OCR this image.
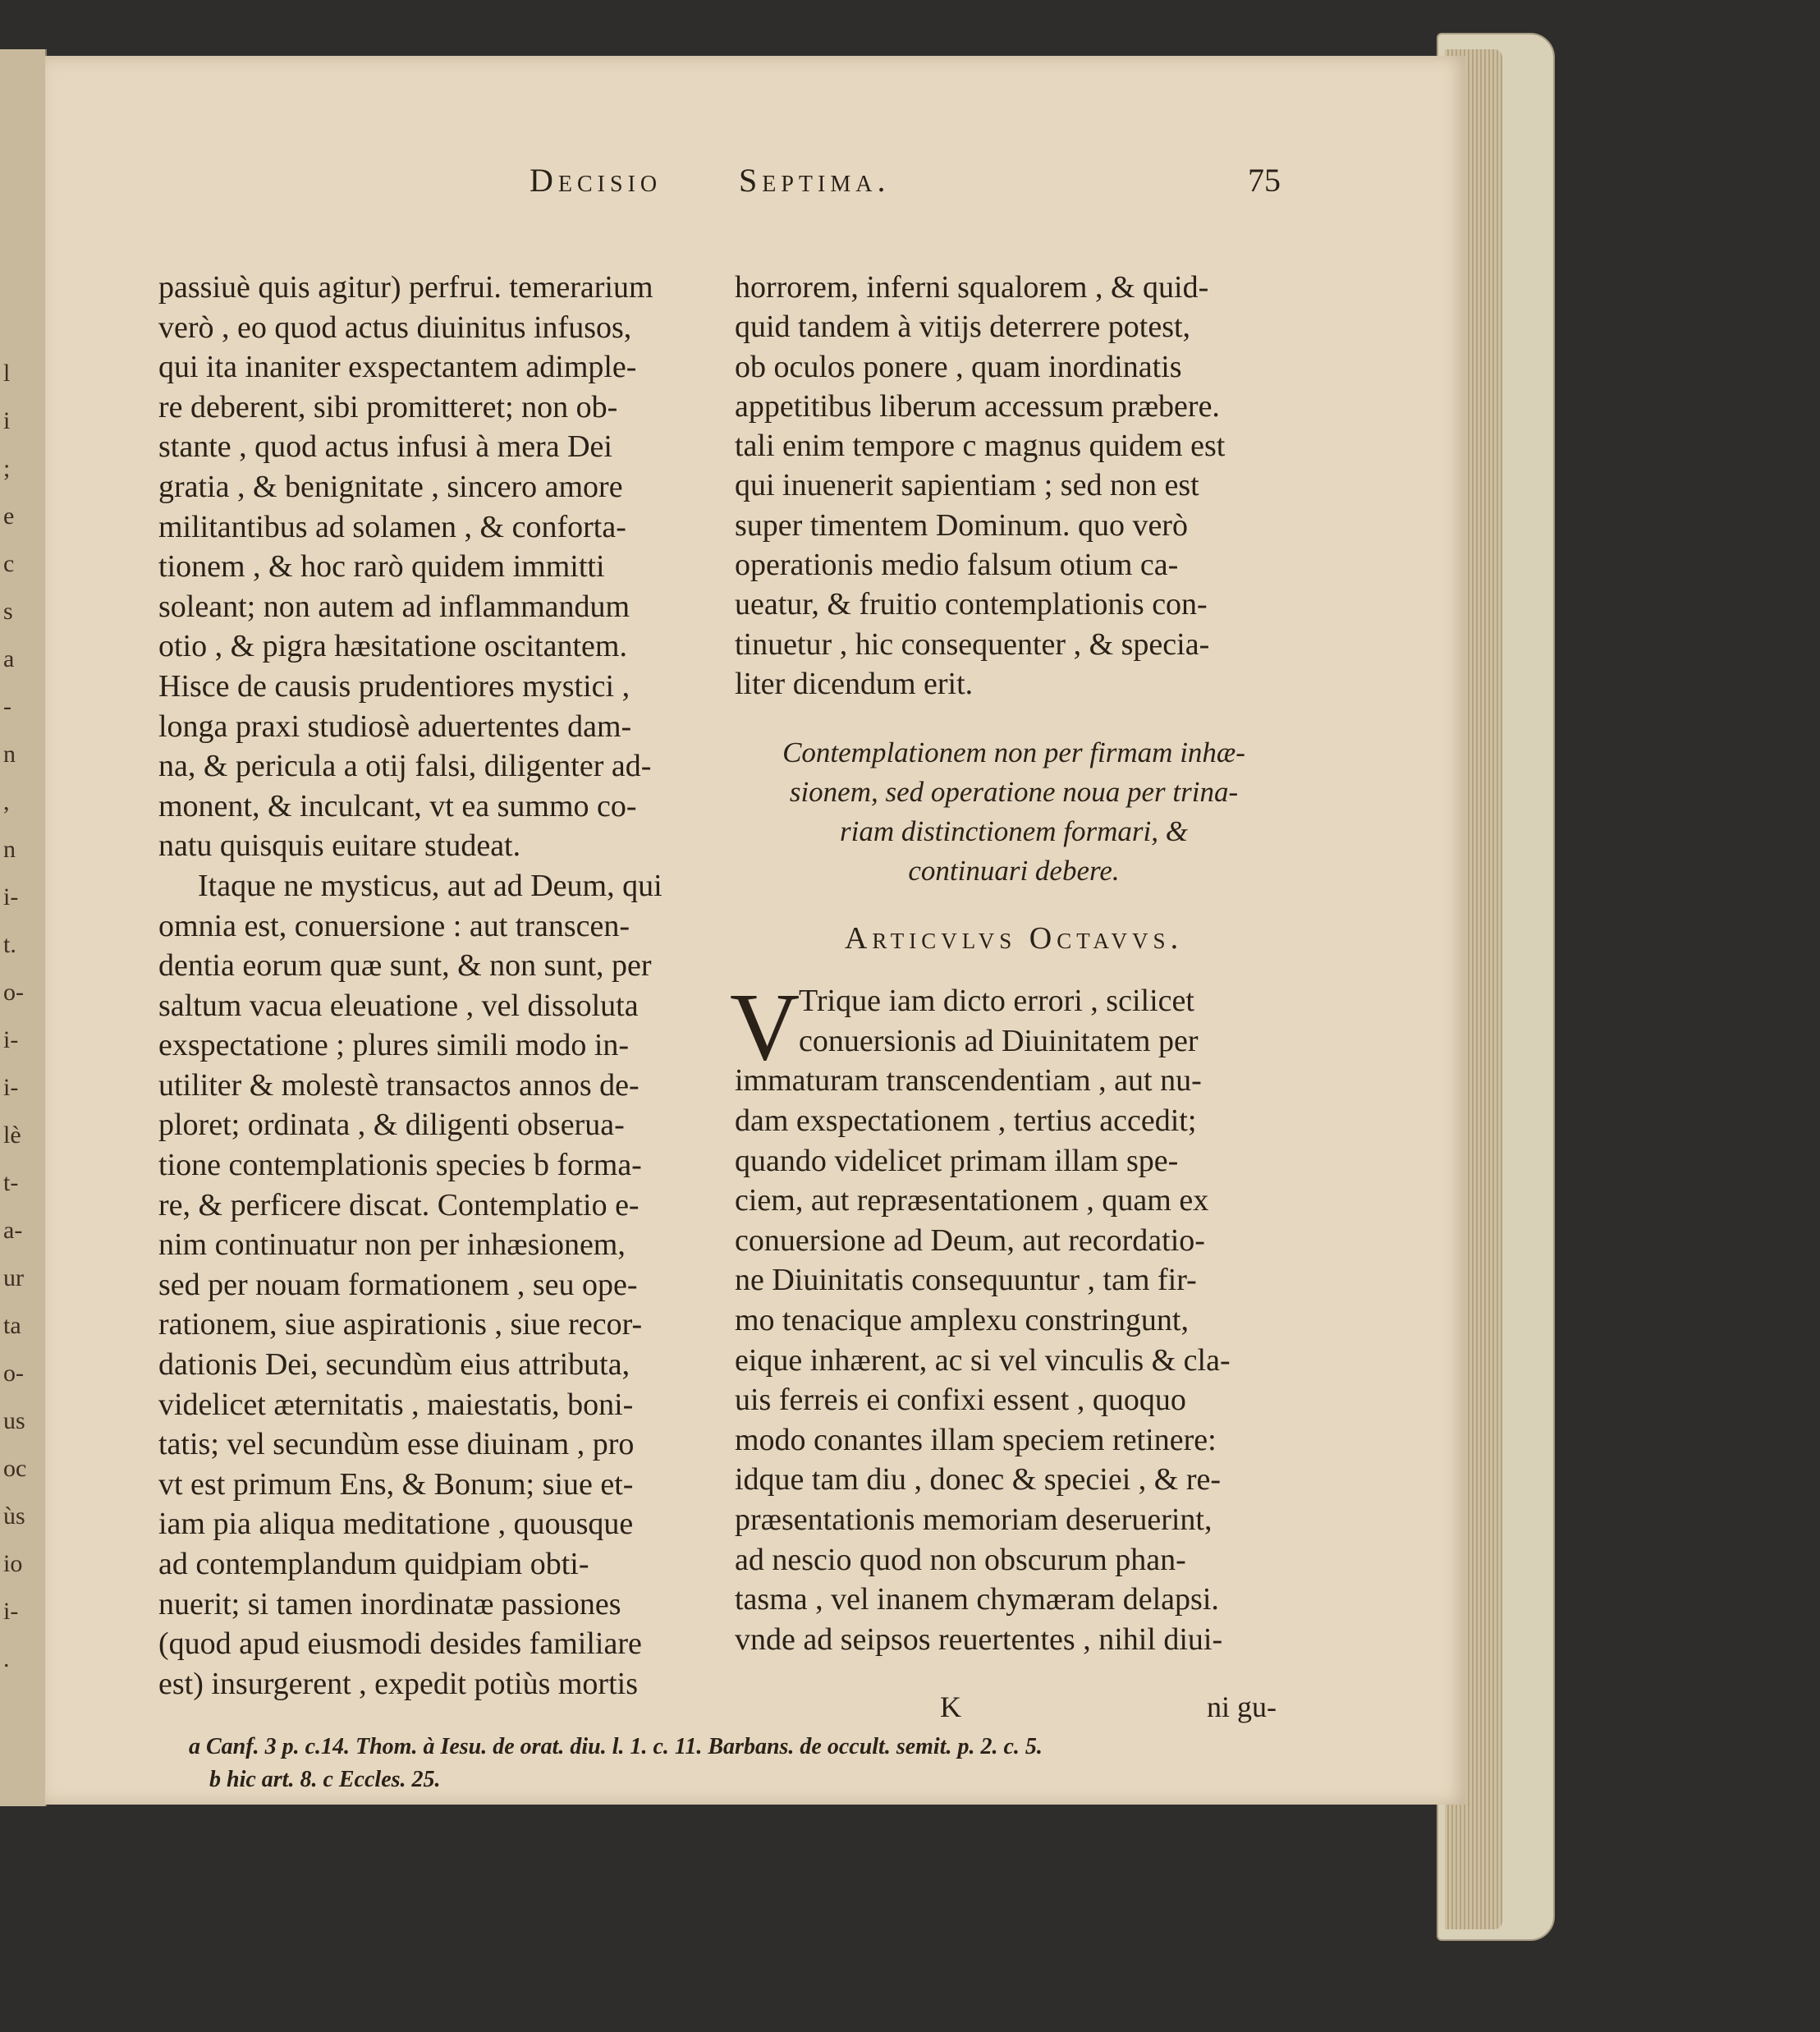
l
i
;
e
c
s
a
-
n
,
n
i-
t.
o-
i-
i-
lè
t-
a-
ur
ta
o-
us
oc
ùs
io
i-
.
Decisio Septima.	75
passiuè quis agitur) perfrui. temerarium
verò , eo quod actus diuinitus infusos,
qui ita inaniter exspectantem adimple-
re deberent, sibi promitteret; non ob-
stante , quod actus infusi à mera Dei
gratia , & benignitate , sincero amore
militantibus ad solamen , & conforta-
tionem , & hoc rarò quidem immitti
soleant; non autem ad inflammandum
otio , & pigra hæsitatione oscitantem.
Hisce de causis prudentiores mystici ,
longa praxi studiosè aduertentes dam-
na, & pericula a otij falsi, diligenter ad-
monent, & inculcant, vt ea summo co-
natu quisquis euitare studeat.
Itaque ne mysticus, aut ad Deum, qui
omnia est, conuersione : aut transcen-
dentia eorum quæ sunt, & non sunt, per
saltum vacua eleuatione , vel dissoluta
exspectatione ; plures simili modo in-
utiliter & molestè transactos annos de-
ploret; ordinata , & diligenti obserua-
tione contemplationis species b forma-
re, & perficere discat. Contemplatio e-
nim continuatur non per inhæsionem,
sed per nouam formationem , seu ope-
rationem, siue aspirationis , siue recor-
dationis Dei, secundùm eius attributa,
videlicet æternitatis , maiestatis, boni-
tatis; vel secundùm esse diuinam , pro
vt est primum Ens, & Bonum; siue et-
iam pia aliqua meditatione , quousque
ad contemplandum quidpiam obti-
nuerit; si tamen inordinatæ passiones
(quod apud eiusmodi desides familiare
est) insurgerent , expedit potiùs mortis
horrorem, inferni squalorem , & quid-
quid tandem à vitijs deterrere potest,
ob oculos ponere , quam inordinatis
appetitibus liberum accessum præbere.
tali enim tempore c magnus quidem est
qui inuenerit sapientiam ; sed non est
super timentem Dominum. quo verò
operationis medio falsum otium ca-
ueatur, & fruitio contemplationis con-
tinuetur , hic consequenter , & specia-
liter dicendum erit.
Contemplationem non per firmam inhæ-
sionem, sed operatione noua per trina-
riam distinctionem formari, &
continuari debere.
Articvlvs Octavvs.
V
Trique iam dicto errori , scilicet
conuersionis ad Diuinitatem per
immaturam transcendentiam , aut nu-
dam exspectationem , tertius accedit;
quando videlicet primam illam spe-
ciem, aut repræsentationem , quam ex
conuersione ad Deum, aut recordatio-
ne Diuinitatis consequuntur , tam fir-
mo tenacique amplexu constringunt,
eique inhærent, ac si vel vinculis & cla-
uis ferreis ei confixi essent , quoquo
modo conantes illam speciem retinere:
idque tam diu , donec & speciei , & re-
præsentationis memoriam deseruerint,
ad nescio quod non obscurum phan-
tasma , vel inanem chymæram delapsi.
vnde ad seipsos reuertentes , nihil diui-
K	ni gu-
a Canf. 3 p. c.14. Thom. à Iesu. de orat. diu. l. 1. c. 11. Barbans. de occult. semit. p. 2. c. 5.
b hic art. 8. c Eccles. 25.
